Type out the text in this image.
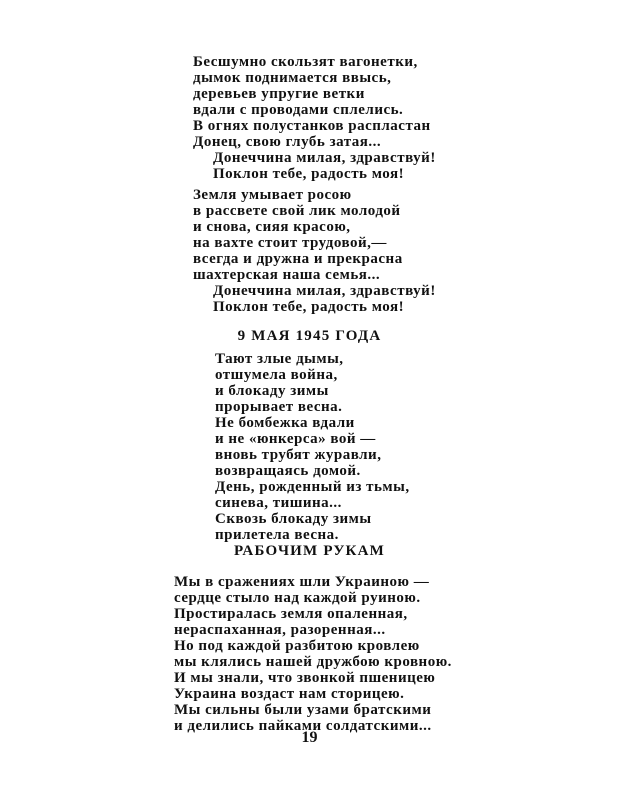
Бесшумно скользят вагонетки,
дымок поднимается ввысь,
деревьев упругие ветки
вдали с проводами сплелись.
В огнях полустанков распластан
Донец, свою глубь затая...
Донеччина милая, здравствуй!
Поклон тебе, радость моя!
Земля умывает росою
в рассвете свой лик молодой
и снова, сияя красою,
на вахте стоит трудовой,—
всегда и дружна и прекрасна
шахтерская наша семья...
Донеччина милая, здравствуй!
Поклон тебе, радость моя!
9 МАЯ 1945 ГОДА
Тают злые дымы,
отшумела война,
и блокаду зимы
прорывает весна.
Не бомбежка вдали
и не «юнкерса» вой —
вновь трубят журавли,
возвращаясь домой.
День, рожденный из тьмы,
синева, тишина...
Сквозь блокаду зимы
прилетела весна.
РАБОЧИМ РУКАМ
Мы в сражениях шли Украиною —
сердце стыло над каждой руиною.
Простиралась земля опаленная,
нераспаханная, разоренная...
Но под каждой разбитою кровлею
мы клялись нашей дружбою кровною.
И мы знали, что звонкой пшеницею
Украина воздаст нам сторицею.
Мы сильны были узами братскими
и делились пайками солдатскими...
19
